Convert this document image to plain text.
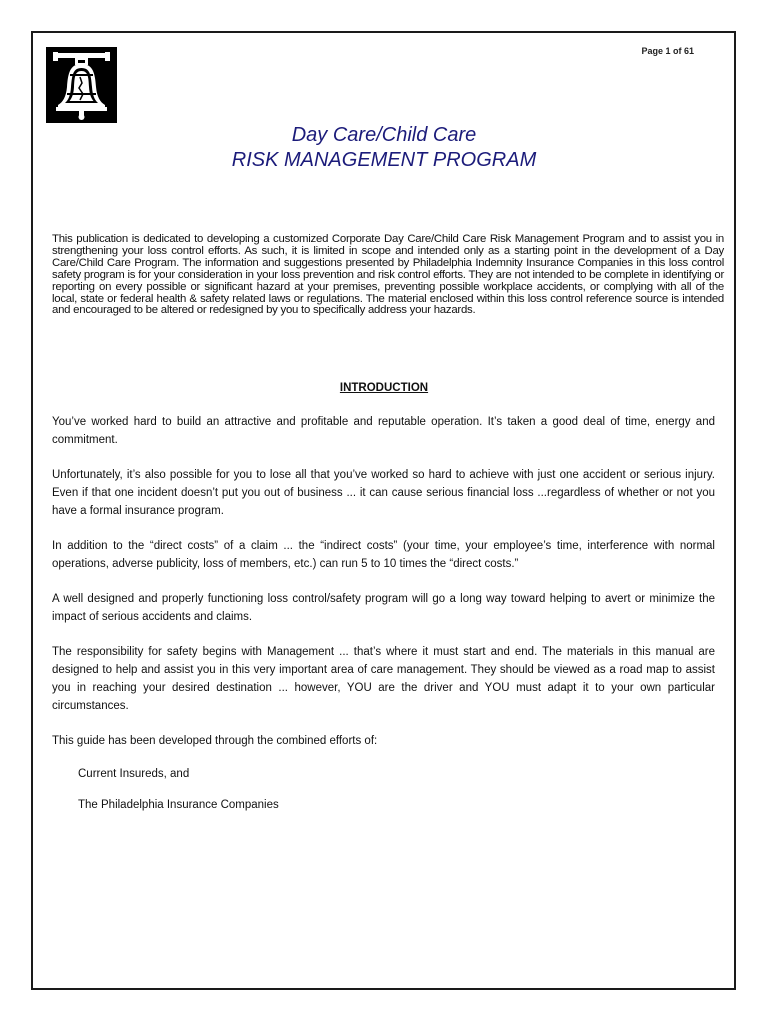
Page 1 of 61
Day Care/Child Care
RISK MANAGEMENT PROGRAM

This publication is dedicated to developing a customized Corporate Day Care/Child Care Risk Management Program and to assist you in strengthening your loss control efforts. As such, it is limited in scope and intended only as a starting point in the development of a Day Care/Child Care Program. The information and suggestions presented by Philadelphia Indemnity Insurance Companies in this loss control safety program is for your consideration in your loss prevention and risk control efforts. They are not intended to be complete in identifying or reporting on every possible or significant hazard at your premises, preventing possible workplace accidents, or complying with all of the local, state or federal health & safety related laws or regulations. The material enclosed within this loss control reference source is intended and encouraged to be altered or redesigned by you to specifically address your hazards.

INTRODUCTION

You’ve worked hard to build an attractive and profitable and reputable operation. It’s taken a good deal of time, energy and commitment.

Unfortunately, it’s also possible for you to lose all that you’ve worked so hard to achieve with just one accident or serious injury. Even if that one incident doesn’t put you out of business ... it can cause serious financial loss ...regardless of whether or not you have a formal insurance program.

In addition to the “direct costs” of a claim ... the “indirect costs” (your time, your employee’s time, interference with normal operations, adverse publicity, loss of members, etc.) can run 5 to 10 times the “direct costs.”

A well designed and properly functioning loss control/safety program will go a long way toward helping to avert or minimize the impact of serious accidents and claims.

The responsibility for safety begins with Management ... that’s where it must start and end. The materials in this manual are designed to help and assist you in this very important area of care management. They should be viewed as a road map to assist you in reaching your desired destination ... however, YOU are the driver and YOU must adapt it to your own particular circumstances.

This guide has been developed through the combined efforts of:

Current Insureds, and

The Philadelphia Insurance Companies
